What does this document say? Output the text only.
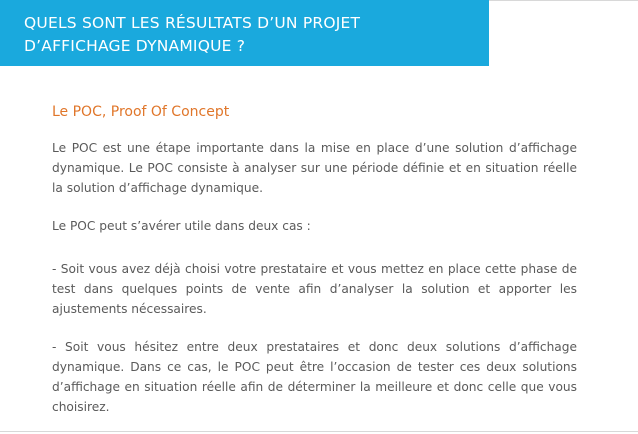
QUELS SONT LES RÉSULTATS D’UN PROJET
D’AFFICHAGE DYNAMIQUE ?
Le POC, Proof Of Concept

Le POC est une étape importante dans la mise en place d’une solution d’affichage dynamique. Le POC consiste à analyser sur une période définie et en situation réelle la solution d’affichage dynamique.

Le POC peut s’avérer utile dans deux cas :

- Soit vous avez déjà choisi votre prestataire et vous mettez en place cette phase de test dans quelques points de vente afin d’analyser la solution et apporter les ajustements nécessaires.

- Soit vous hésitez entre deux prestataires et donc deux solutions d’affichage dynamique. Dans ce cas, le POC peut être l’occasion de tester ces deux solutions d’affichage en situation réelle afin de déterminer la meilleure et donc celle que vous choisirez.
